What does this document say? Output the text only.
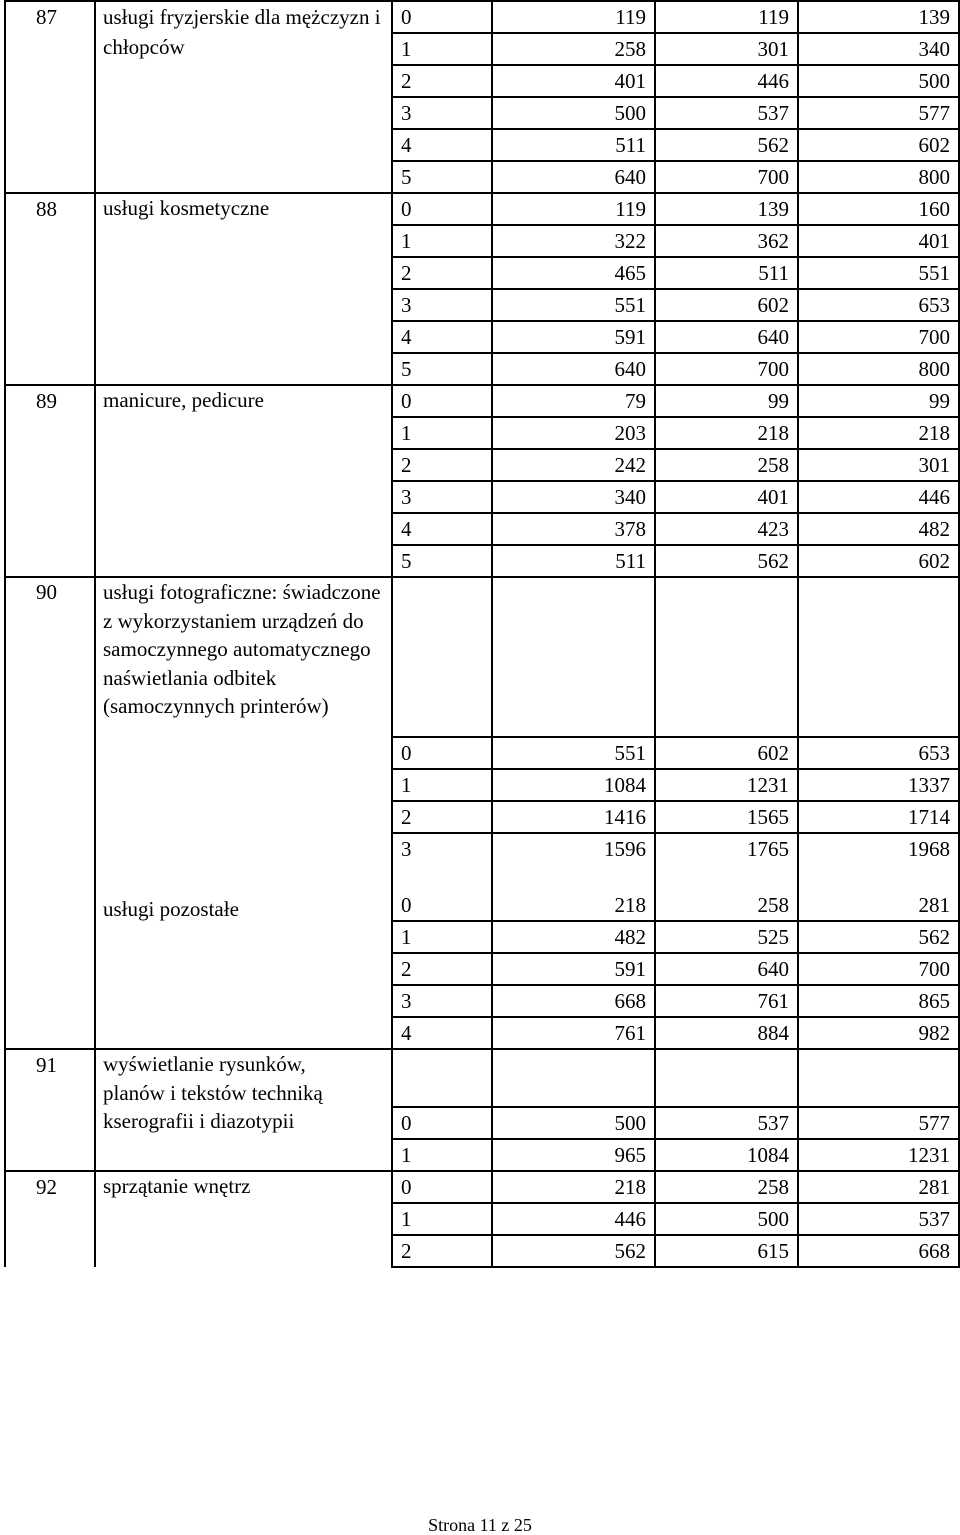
87	usługi fryzjerskie dla mężczyzn i chłopców	0	119	119	139
		1	258	301	340
		2	401	446	500
		3	500	537	577
		4	511	562	602
		5	640	700	800
88	usługi kosmetyczne	0	119	139	160
		1	322	362	401
		2	465	511	551
		3	551	602	653
		4	591	640	700
		5	640	700	800
89	manicure, pedicure	0	79	99	99
		1	203	218	218
		2	242	258	301
		3	340	401	446
		4	378	423	482
		5	511	562	602
90	usługi fotograficzne: świadczone z wykorzystaniem urządzeń do samoczynnego automatycznego naświetlania odbitek (samoczynnych printerów)				
		0	551	602	653
		1	1084	1231	1337
		2	1416	1565	1714
		3	1596	1765	1968

	usługi pozostałe				

		0	218	258	281
		1	482	525	562
		2	591	640	700
		3	668	761	865
		4	761	884	982
91	wyświetlanie rysunków, planów i tekstów techniką kserografii i diazotypii				
		0	500	537	577
		1	965	1084	1231
92	sprzątanie wnętrz	0	218	258	281
		1	446	500	537
		2	562	615	668
Strona 11 z 25
